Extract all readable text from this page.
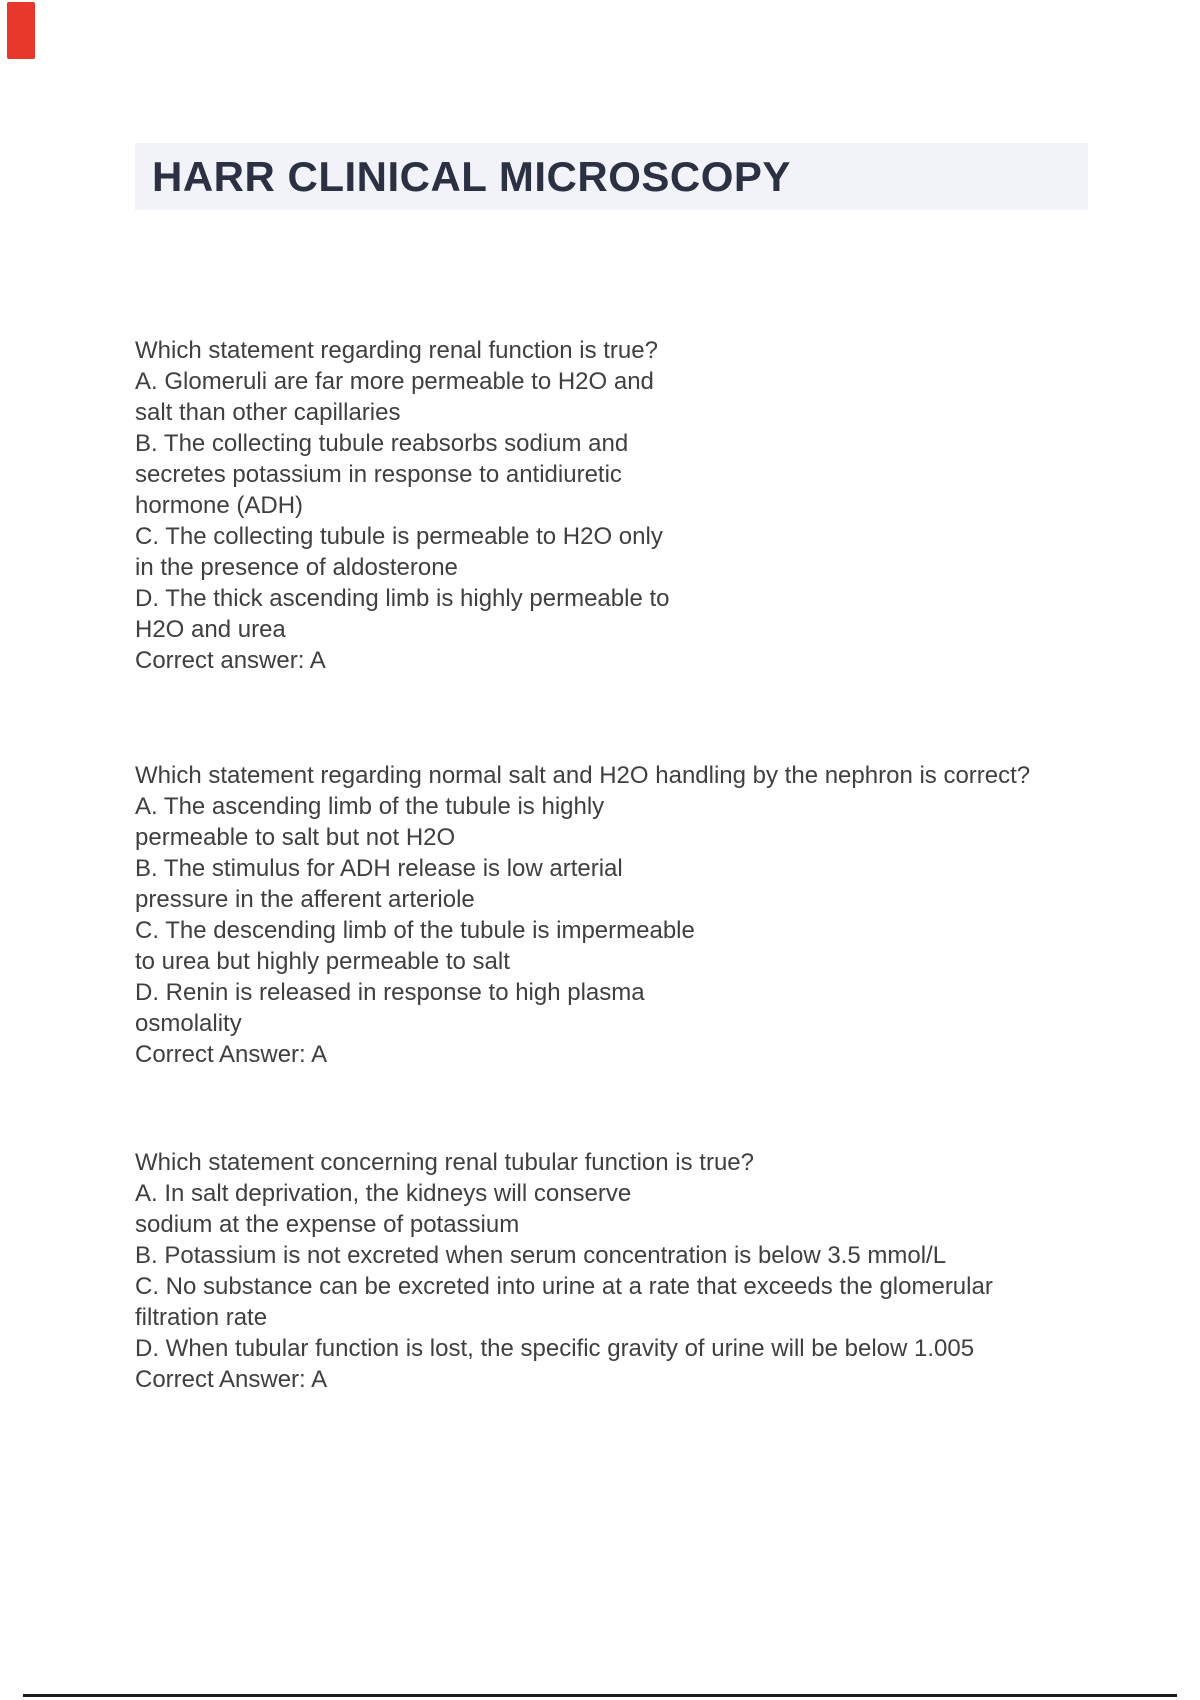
HARR CLINICAL MICROSCOPY
Which statement regarding renal function is true?
A. Glomeruli are far more permeable to H2O and
salt than other capillaries
B. The collecting tubule reabsorbs sodium and
secretes potassium in response to antidiuretic
hormone (ADH)
C. The collecting tubule is permeable to H2O only
in the presence of aldosterone
D. The thick ascending limb is highly permeable to
H2O and urea
Correct answer: A
Which statement regarding normal salt and H2O handling by the nephron is correct?
A. The ascending limb of the tubule is highly
permeable to salt but not H2O
B. The stimulus for ADH release is low arterial
pressure in the afferent arteriole
C. The descending limb of the tubule is impermeable
to urea but highly permeable to salt
D. Renin is released in response to high plasma
osmolality
Correct Answer: A
Which statement concerning renal tubular function is true?
A. In salt deprivation, the kidneys will conserve
sodium at the expense of potassium
B. Potassium is not excreted when serum concentration is below 3.5 mmol/L
C. No substance can be excreted into urine at a rate that exceeds the glomerular
filtration rate
D. When tubular function is lost, the specific gravity of urine will be below 1.005
Correct Answer: A
